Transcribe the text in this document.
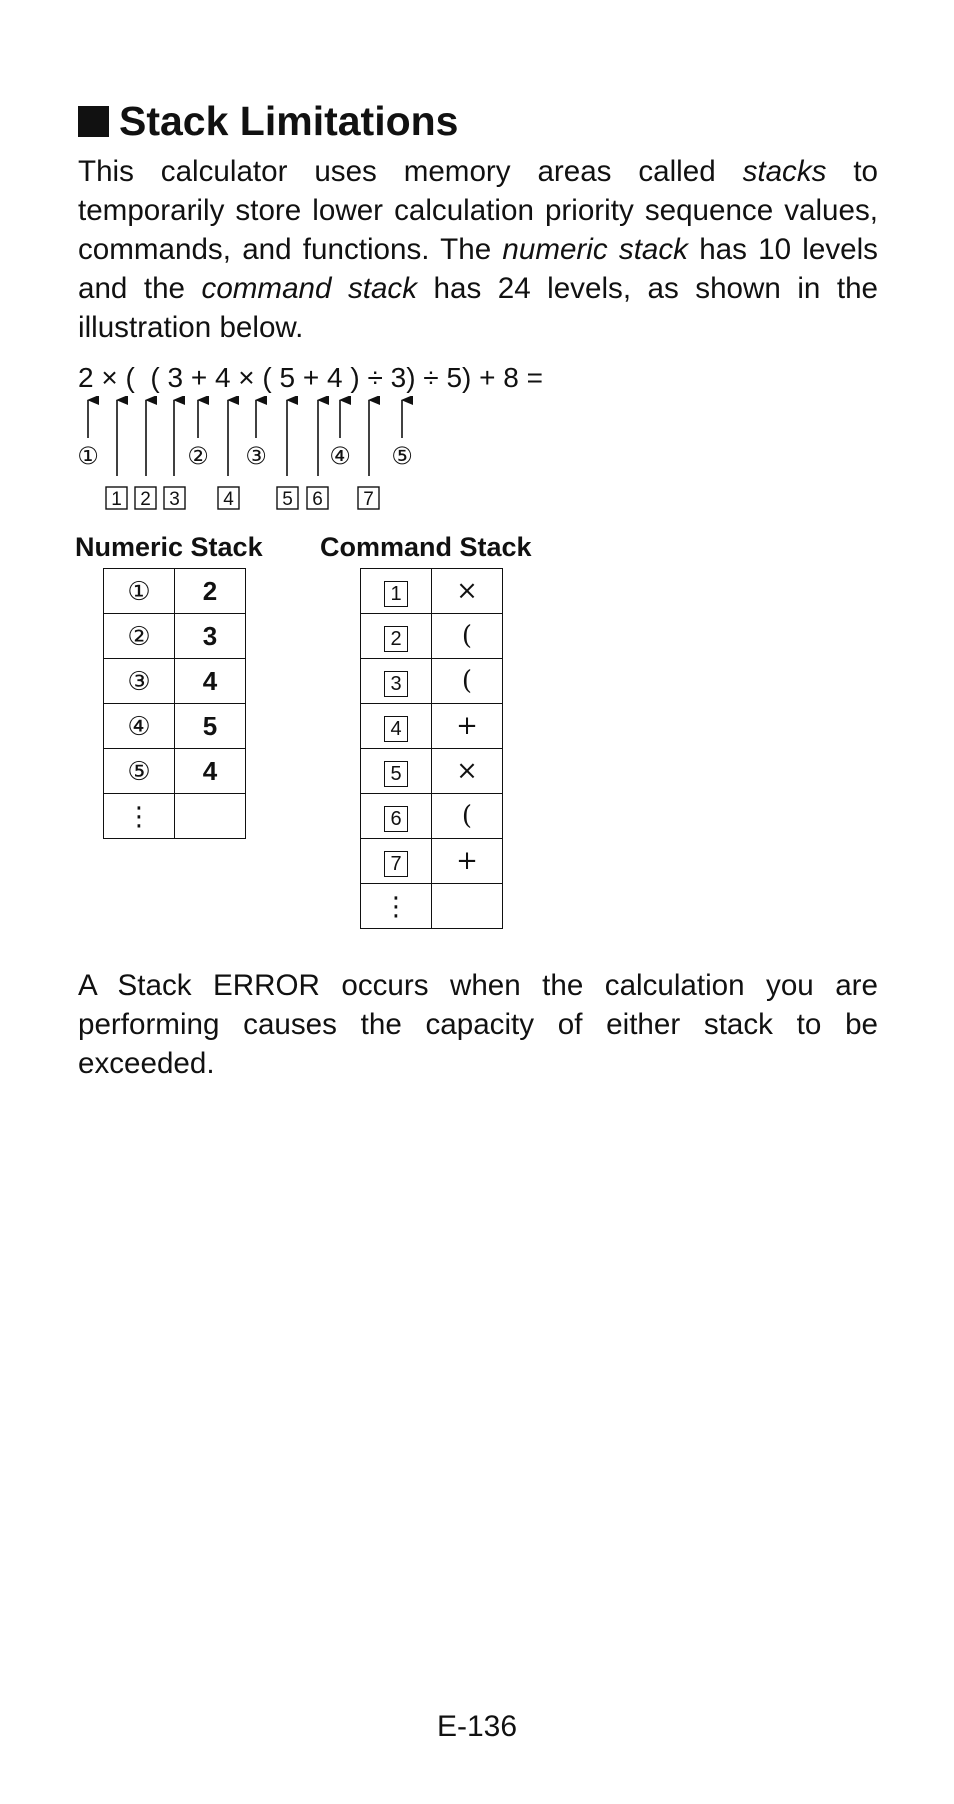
Stack Limitations

This calculator uses memory areas called stacks to temporarily store lower calculation priority sequence values, commands, and functions. The numeric stack has 10 levels and the command stack has 24 levels, as shown in the illustration below.

2 × (  ( 3 + 4 × ( 5 + 4 ) ÷ 3) ÷ 5) + 8 =

①	② ③	④ ⑤
1 2 3 4	5 6 7

Numeric Stack Command Stack

①	2
②	3
③	4
④	5
⑤	4
⋮	
1	×
2	(
3	(
4	+
5	×
6	(
7	+
⋮	

A Stack ERROR occurs when the calculation you are performing causes the capacity of either stack to be exceeded.

E-136
